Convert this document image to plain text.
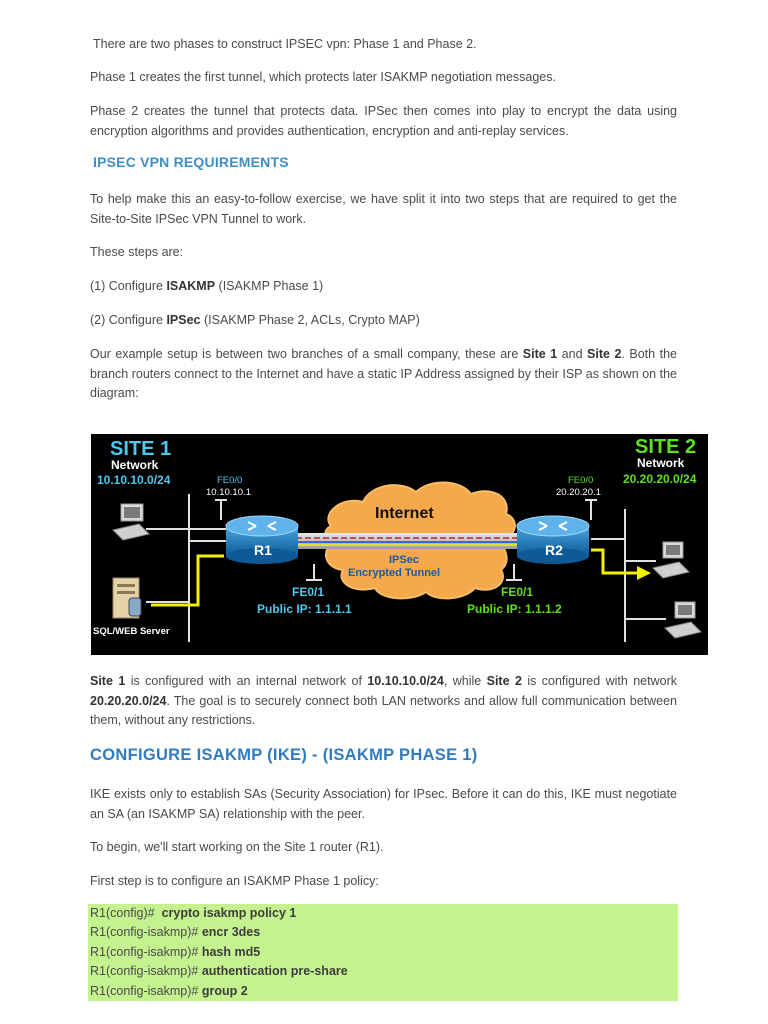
There are two phases to construct IPSEC vpn: Phase 1 and Phase 2.

Phase 1 creates the first tunnel, which protects later ISAKMP negotiation messages.

Phase 2 creates the tunnel that protects data. IPSec then comes into play to encrypt the data using encryption algorithms and provides authentication, encryption and anti-replay services.

IPSEC VPN REQUIREMENTS

To help make this an easy-to-follow exercise, we have split it into two steps that are required to get the Site-to-Site IPSec VPN Tunnel to work.

These steps are:

(1) Configure ISAKMP (ISAKMP Phase 1)

(2) Configure IPSec (ISAKMP Phase 2, ACLs, Crypto MAP)

Our example setup is between two branches of a small company, these are Site 1 and Site 2. Both the branch routers connect to the Internet and have a static IP Address assigned by their ISP as shown on the diagram:

SITE 1
Network
10.10.10.0/24
SITE 2
Network
20.20.20.0/24
FE0/0
10.10.10.1
FE0/0
20.20.20.1
R1	R2
Internet
IPSec
Encrypted Tunnel
FE0/1
Public IP: 1.1.1.1
FE0/1
Public IP: 1.1.1.2
SQL/WEB Server

Site 1 is configured with an internal network of 10.10.10.0/24, while Site 2 is configured with network 20.20.20.0/24. The goal is to securely connect both LAN networks and allow full communication between them, without any restrictions.

CONFIGURE ISAKMP (IKE) - (ISAKMP PHASE 1)

IKE exists only to establish SAs (Security Association) for IPsec. Before it can do this, IKE must negotiate an SA (an ISAKMP SA) relationship with the peer.

To begin, we'll start working on the Site 1 router (R1).

First step is to configure an ISAKMP Phase 1 policy:

R1(config)#  crypto isakmp policy 1
R1(config-isakmp)# encr 3des
R1(config-isakmp)# hash md5
R1(config-isakmp)# authentication pre-share
R1(config-isakmp)# group 2
